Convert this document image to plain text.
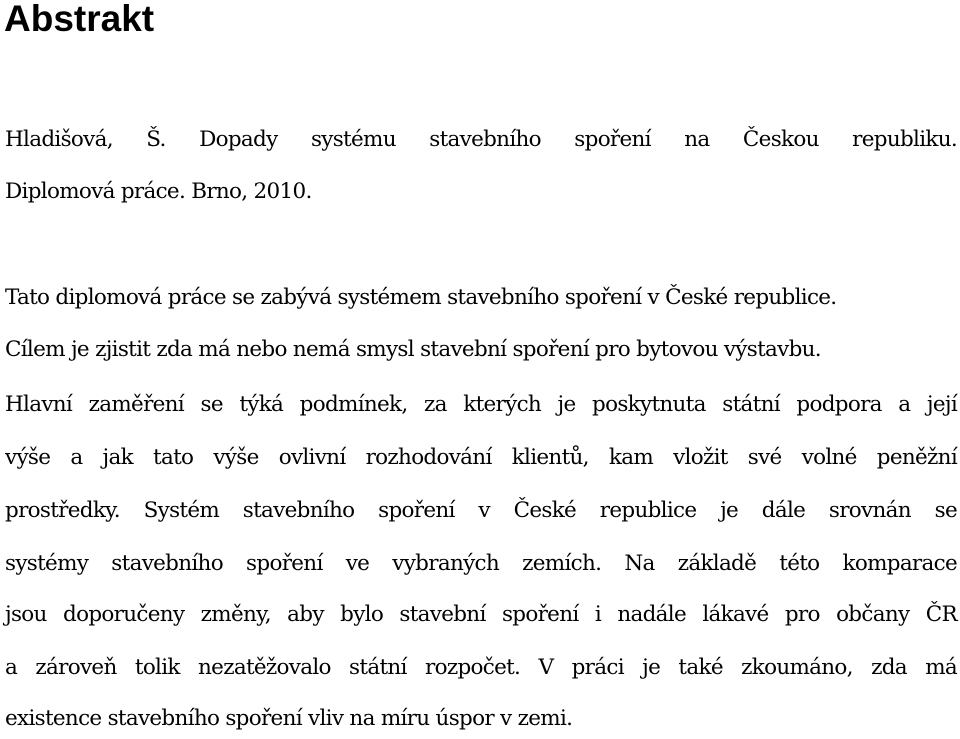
Abstrakt
Hladišová, Š. Dopady systému stavebního spoření na Českou republiku.
Diplomová práce. Brno, 2010.
Tato diplomová práce se zabývá systémem stavebního spoření v České republice.
Cílem je zjistit zda má nebo nemá smysl stavební spoření pro bytovou výstavbu.
Hlavní zaměření se týká podmínek, za kterých je poskytnuta státní podpora a její
výše a jak tato výše ovlivní rozhodování klientů, kam vložit své volné peněžní
prostředky. Systém stavebního spoření v České republice je dále srovnán se
systémy stavebního spoření ve vybraných zemích. Na základě této komparace
jsou doporučeny změny, aby bylo stavební spoření i nadále lákavé pro občany ČR
a zároveň tolik nezatěžovalo státní rozpočet. V práci je také zkoumáno, zda má
existence stavebního spoření vliv na míru úspor v zemi.
